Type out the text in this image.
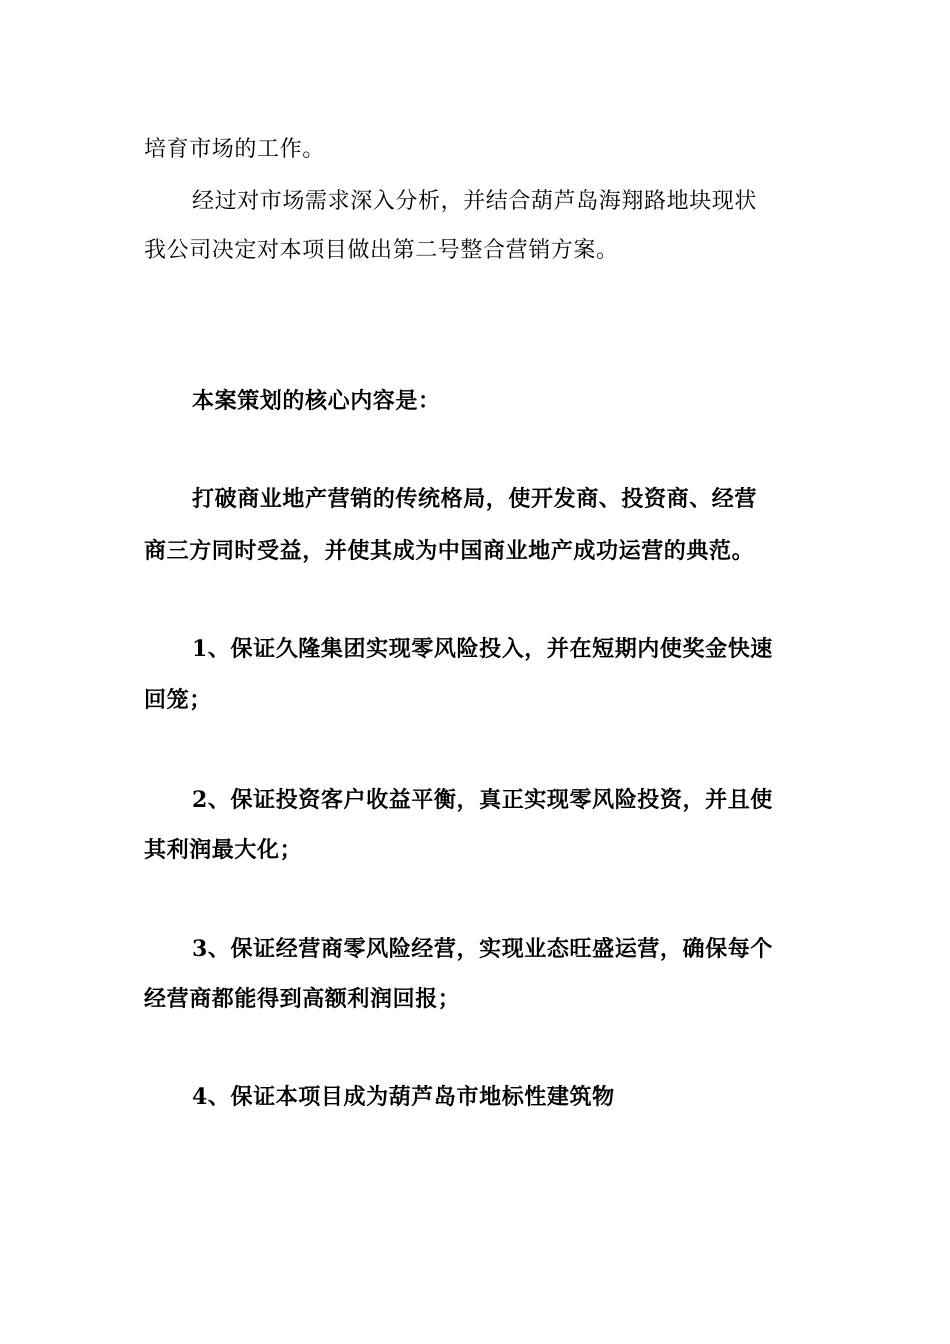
培育市场的工作。
经过对市场需求深入分析，并结合葫芦岛海翔路地块现状
我公司决定对本项目做出第二号整合营销方案。
本案策划的核心内容是：
打破商业地产营销的传统格局，使开发商、投资商、经营
商三方同时受益，并使其成为中国商业地产成功运营的典范。
1、保证久隆集团实现零风险投入，并在短期内使奖金快速
回笼；
2、保证投资客户收益平衡，真正实现零风险投资，并且使
其利润最大化；
3、保证经营商零风险经营，实现业态旺盛运营，确保每个
经营商都能得到高额利润回报；
4、保证本项目成为葫芦岛市地标性建筑物
